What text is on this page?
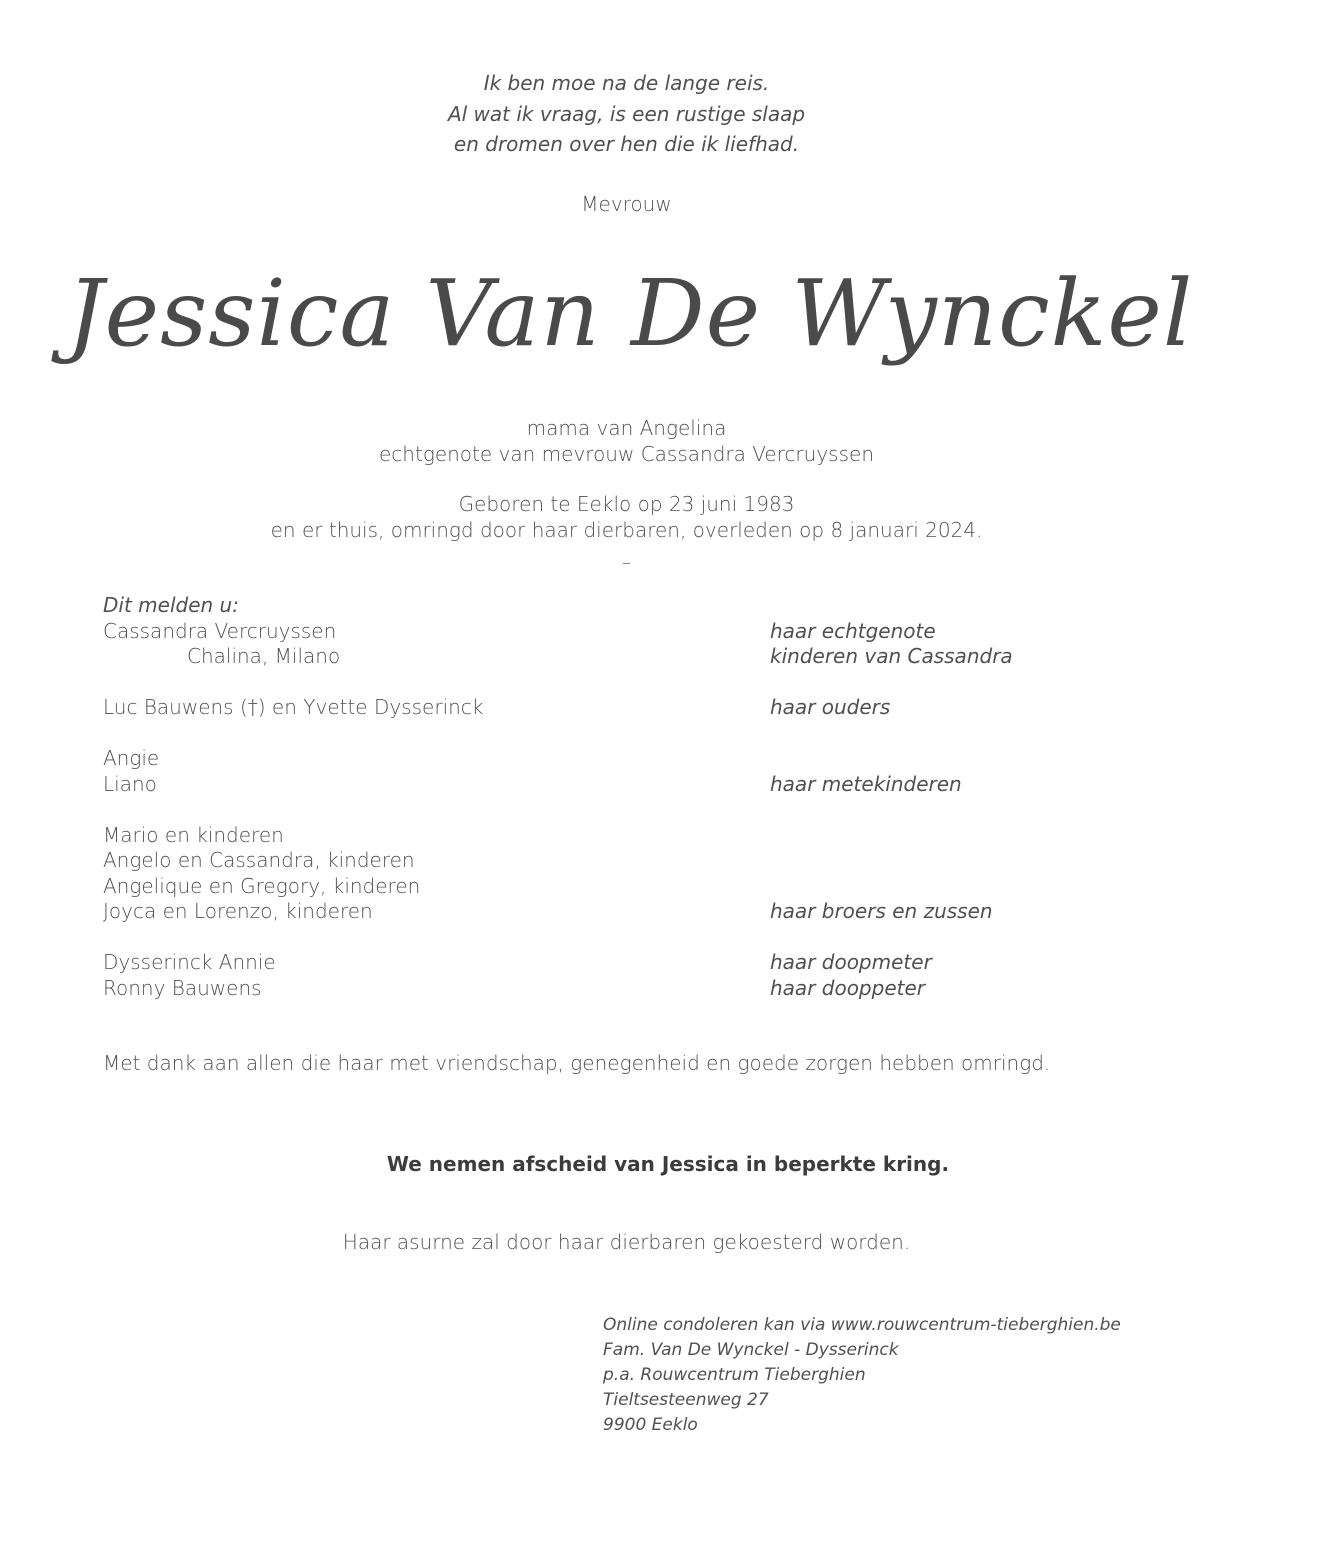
Ik ben moe na de lange reis.
Al wat ik vraag, is een rustige slaap
en dromen over hen die ik liefhad.
Mevrouw
Jessica Van De Wynckel
mama van Angelina
echtgenote van mevrouw Cassandra Vercruyssen
Geboren te Eeklo op 23 juni 1983
en er thuis, omringd door haar dierbaren, overleden op 8 januari 2024.
–
Dit melden u:
Cassandra Vercruyssen	haar echtgenote
Chalina, Milano	kinderen van Cassandra
Luc Bauwens (†) en Yvette Dysserinck	haar ouders
Angie
Liano	haar metekinderen
Mario en kinderen
Angelo en Cassandra, kinderen
Angelique en Gregory, kinderen
Joyca en Lorenzo, kinderen	haar broers en zussen
Dysserinck Annie	haar doopmeter
Ronny Bauwens	haar dooppeter
Met dank aan allen die haar met vriendschap, genegenheid en goede zorgen hebben omringd.
We nemen afscheid van Jessica in beperkte kring.
Haar asurne zal door haar dierbaren gekoesterd worden.
Online condoleren kan via www.rouwcentrum-tieberghien.be
Fam. Van De Wynckel - Dysserinck
p.a. Rouwcentrum Tieberghien
Tieltsesteenweg 27
9900 Eeklo
